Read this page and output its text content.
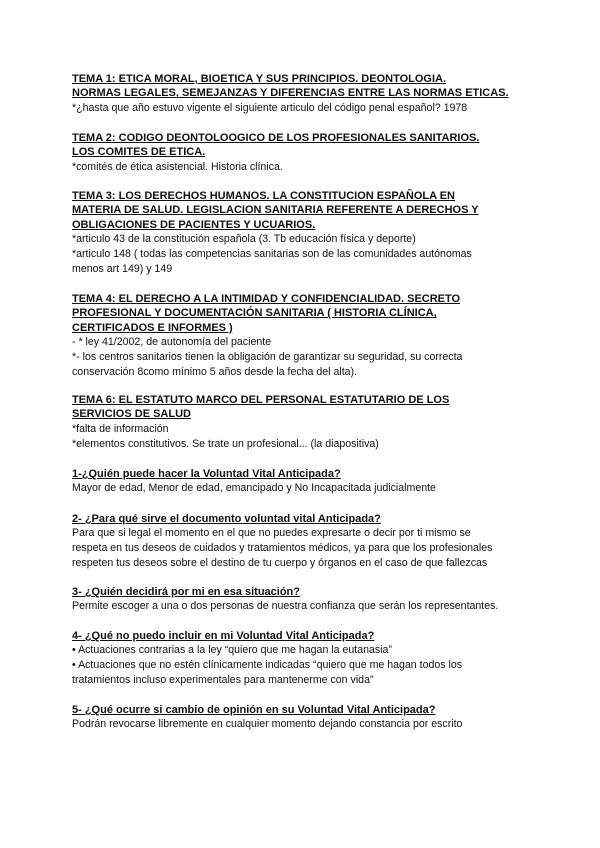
TEMA 1: ETICA MORAL, BIOETICA Y SUS PRINCIPIOS. DEONTOLOGIA.
NORMAS LEGALES, SEMEJANZAS Y DIFERENCIAS ENTRE LAS NORMAS ETICAS.
*¿hasta que año estuvo vigente el siguiente articulo del código penal español? 1978
TEMA 2: CODIGO DEONTOLOOGICO DE LOS PROFESIONALES SANITARIOS.
LOS COMITES DE ETICA.
*comités de ética asistencial. Historia clínica.
TEMA 3: LOS DERECHOS HUMANOS. LA CONSTITUCION ESPAÑOLA EN
MATERIA DE SALUD. LEGISLACION SANITARIA REFERENTE A DERECHOS Y
OBLIGACIONES DE PACIENTES Y UCUARIOS.
*articulo 43 de la constitución española (3. Tb educación física y deporte)
*articulo 148 ( todas las competencias sanitarias son de las comunidades autónomas
menos art 149) y 149
TEMA 4: EL DERECHO A LA INTIMIDAD Y CONFIDENCIALIDAD. SECRETO
PROFESIONAL Y DOCUMENTACIÓN SANITARIA ( HISTORIA CLÍNICA,
CERTIFICADOS E INFORMES )
- * ley 41/2002, de autonomía del paciente
*- los centros sanitarios tienen la obligación de garantizar su seguridad, su correcta
conservación 8como mínimo 5 años desde la fecha del alta).
TEMA 6: EL ESTATUTO MARCO DEL PERSONAL ESTATUTARIO DE LOS
SERVICIOS DE SALUD
*falta de información
*elementos constitutivos. Se trate un profesional... (la diapositiva)
1-¿Quién puede hacer la Voluntad Vital Anticipada?
Mayor de edad, Menor de edad, emancipado y No Incapacitada judicialmente
2- ¿Para qué sirve el documento voluntad vital Anticipada?
Para que si legal el momento en el que no puedes expresarte o decir por ti mismo se
respeta en tus deseos de cuidados y tratamientos médicos, ya para que los profesionales
respeten tus deseos sobre el destino de tu cuerpo y órganos en el caso de que fallezcas
3- ¿Quién decidirá por mi en esa situación?
Permite escoger a una o dos personas de nuestra confianza que serán los representantes.
4- ¿Qué no puedo incluir en mi Voluntad Vital Anticipada?
• Actuaciones contrarias a la ley “quiero que me hagan la eutanasia”
• Actuaciones que no estén clínicamente indicadas “quiero que me hagan todos los
tratamientos incluso experimentales para mantenerme con vida”
5- ¿Qué ocurre si cambio de opinión en su Voluntad Vital Anticipada?
Podrán revocarse libremente en cualquier momento dejando constancia por escrito
